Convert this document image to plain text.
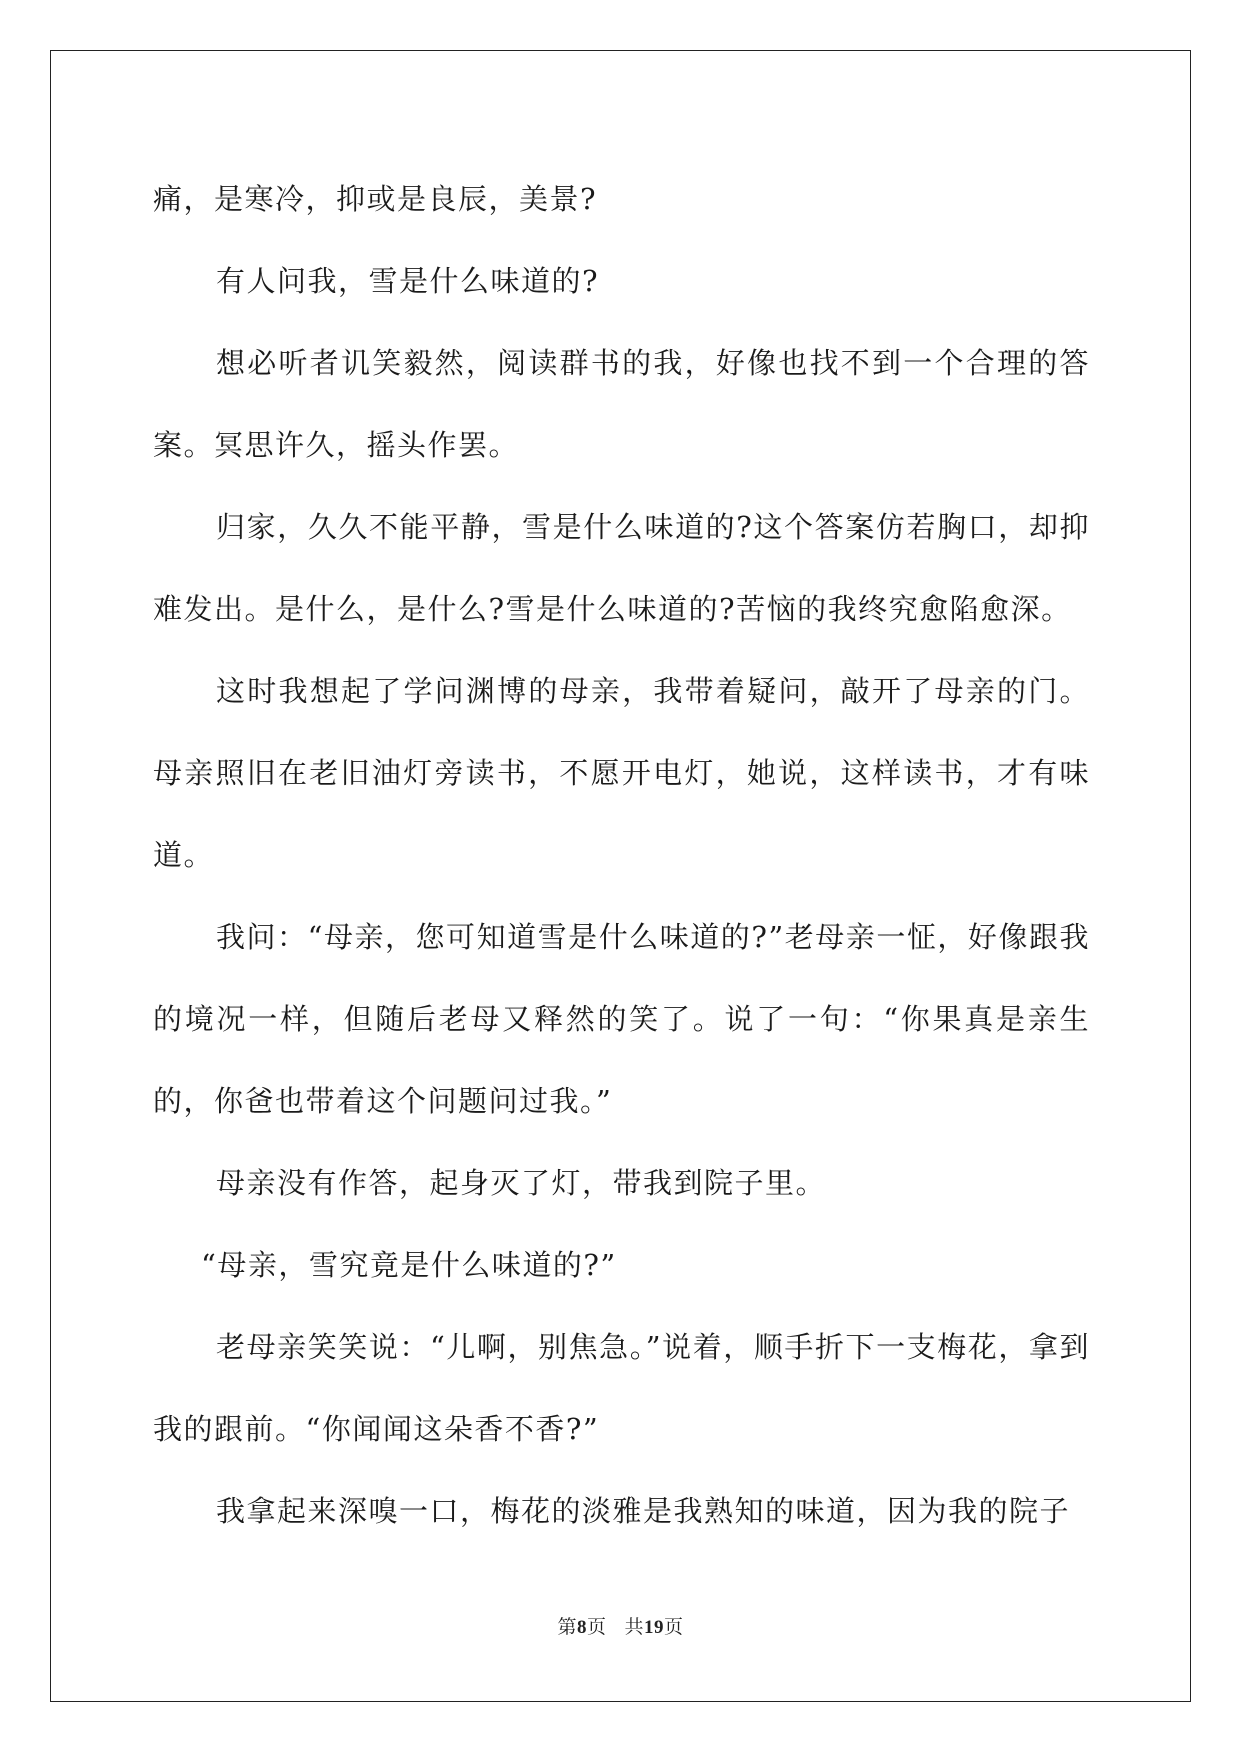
痛，是寒冷，抑或是良辰，美景?

有人问我，雪是什么味道的?

想必听者讥笑毅然，阅读群书的我，好像也找不到一个合理的答案。冥思许久，摇头作罢。

归家，久久不能平静，雪是什么味道的?这个答案仿若胸口，却抑难发出。是什么，是什么?雪是什么味道的?苦恼的我终究愈陷愈深。

这时我想起了学问渊博的母亲，我带着疑问，敲开了母亲的门。母亲照旧在老旧油灯旁读书，不愿开电灯，她说，这样读书，才有味道。

我问：“母亲，您可知道雪是什么味道的?”老母亲一怔，好像跟我的境况一样，但随后老母又释然的笑了。说了一句：“你果真是亲生的，你爸也带着这个问题问过我。”

母亲没有作答，起身灭了灯，带我到院子里。

“母亲，雪究竟是什么味道的?”

老母亲笑笑说：“儿啊，别焦急。”说着，顺手折下一支梅花，拿到我的跟前。“你闻闻这朵香不香?”

我拿起来深嗅一口，梅花的淡雅是我熟知的味道，因为我的院子

第8页 共19页
